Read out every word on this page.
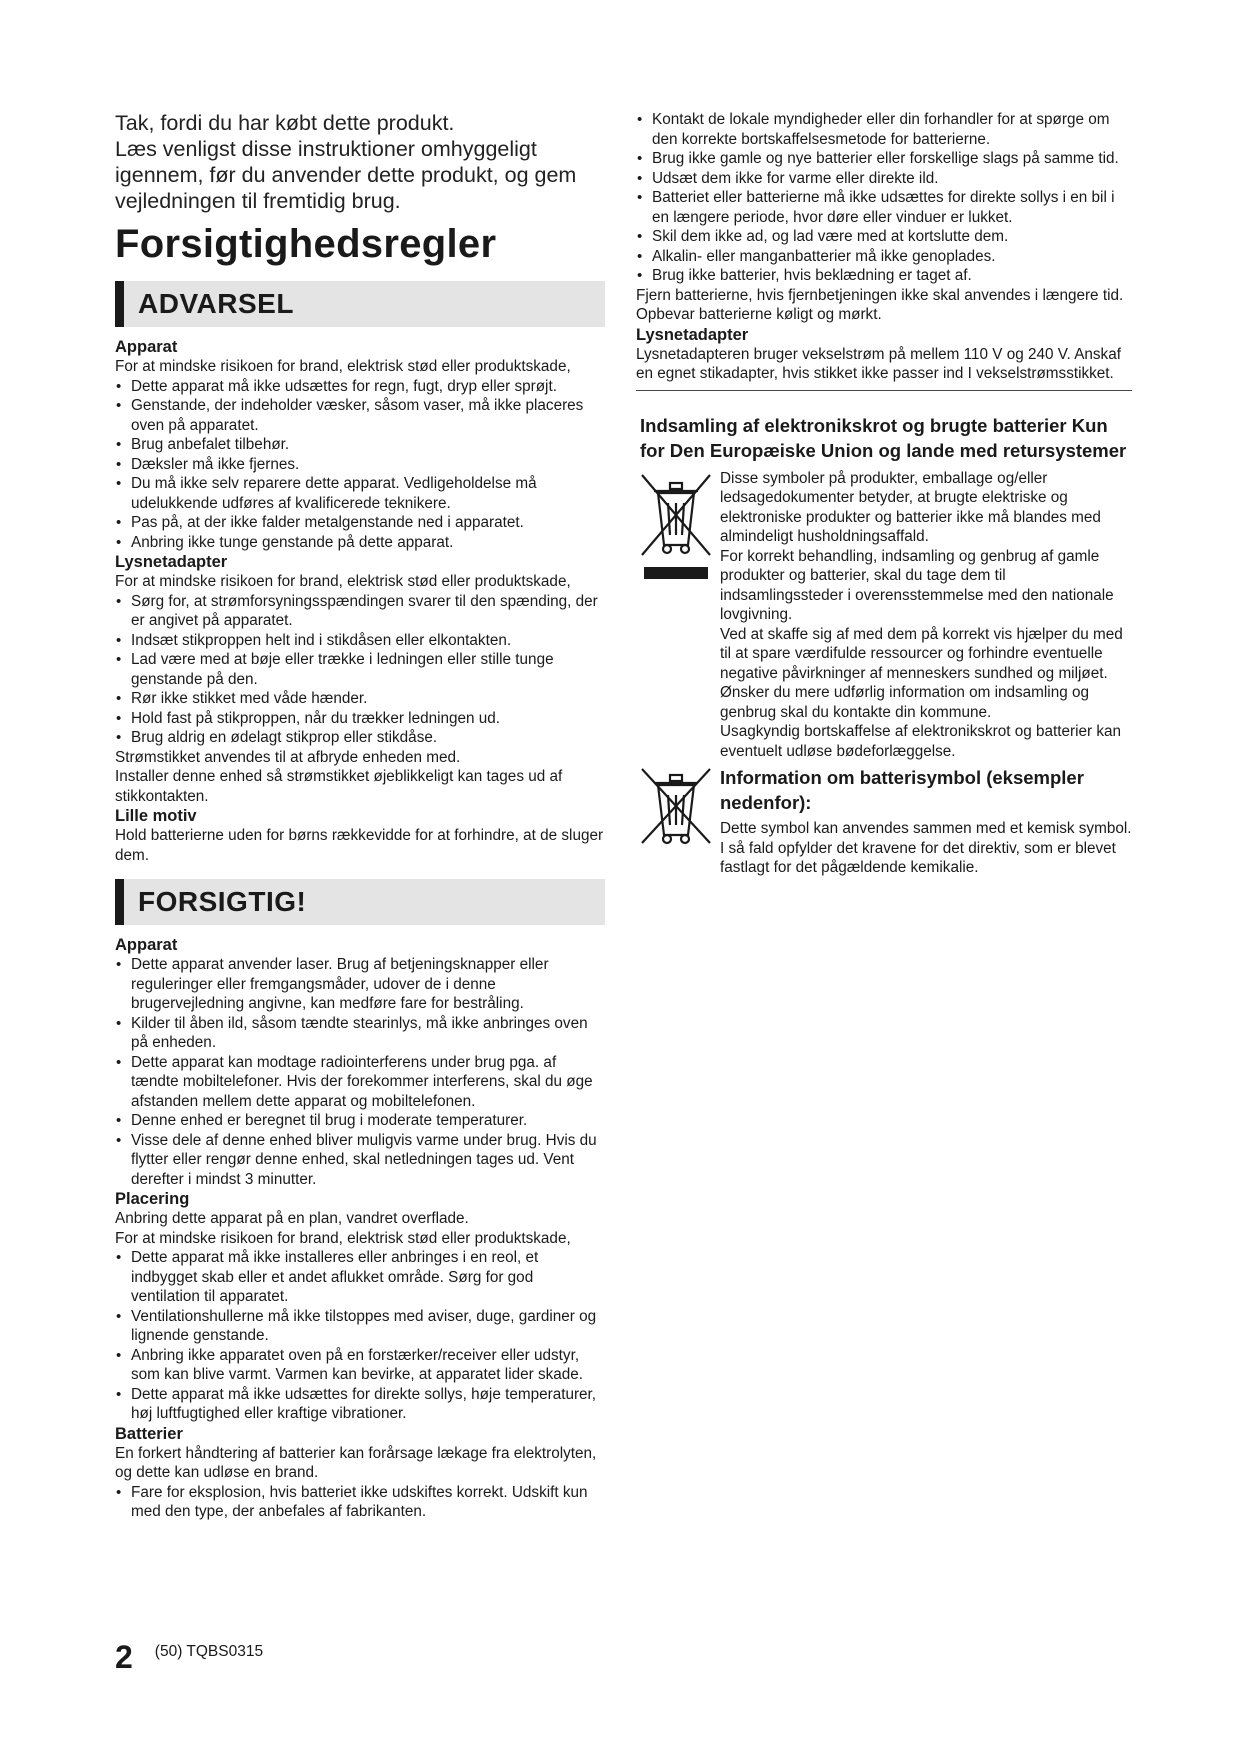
Tak, fordi du har købt dette produkt.
Læs venligst disse instruktioner omhyggeligt
igennem, før du anvender dette produkt, og gem
vejledningen til fremtidig brug.
Forsigtighedsregler
ADVARSEL
Apparat
For at mindske risikoen for brand, elektrisk stød eller produktskade,
• Dette apparat må ikke udsættes for regn, fugt, dryp eller sprøjt.
• Genstande, der indeholder væsker, såsom vaser, må ikke placeres oven på apparatet.
• Brug anbefalet tilbehør.
• Dæksler må ikke fjernes.
• Du må ikke selv reparere dette apparat. Vedligeholdelse må udelukkende udføres af kvalificerede teknikere.
• Pas på, at der ikke falder metalgenstande ned i apparatet.
• Anbring ikke tunge genstande på dette apparat.
Lysnetadapter
For at mindske risikoen for brand, elektrisk stød eller produktskade,
• Sørg for, at strømforsyningsspændingen svarer til den spænding, der er angivet på apparatet.
• Indsæt stikproppen helt ind i stikdåsen eller elkontakten.
• Lad være med at bøje eller trække i ledningen eller stille tunge genstande på den.
• Rør ikke stikket med våde hænder.
• Hold fast på stikproppen, når du trækker ledningen ud.
• Brug aldrig en ødelagt stikprop eller stikdåse.
Strømstikket anvendes til at afbryde enheden med.
Installer denne enhed så strømstikket øjeblikkeligt kan tages ud af stikkontakten.
Lille motiv
Hold batterierne uden for børns rækkevidde for at forhindre, at de sluger dem.
FORSIGTIG!
Apparat
• Dette apparat anvender laser. Brug af betjeningsknapper eller reguleringer eller fremgangsmåder, udover de i denne brugervejledning angivne, kan medføre fare for bestråling.
• Kilder til åben ild, såsom tændte stearinlys, må ikke anbringes oven på enheden.
• Dette apparat kan modtage radiointerferens under brug pga. af tændte mobiltelefoner. Hvis der forekommer interferens, skal du øge afstanden mellem dette apparat og mobiltelefonen.
• Denne enhed er beregnet til brug i moderate temperaturer.
• Visse dele af denne enhed bliver muligvis varme under brug. Hvis du flytter eller rengør denne enhed, skal netledningen tages ud. Vent derefter i mindst 3 minutter.
Placering
Anbring dette apparat på en plan, vandret overflade.
For at mindske risikoen for brand, elektrisk stød eller produktskade,
• Dette apparat må ikke installeres eller anbringes i en reol, et indbygget skab eller et andet aflukket område. Sørg for god ventilation til apparatet.
• Ventilationshullerne må ikke tilstoppes med aviser, duge, gardiner og lignende genstande.
• Anbring ikke apparatet oven på en forstærker/receiver eller udstyr, som kan blive varmt. Varmen kan bevirke, at apparatet lider skade.
• Dette apparat må ikke udsættes for direkte sollys, høje temperaturer, høj luftfugtighed eller kraftige vibrationer.
Batterier
En forkert håndtering af batterier kan forårsage lækage fra elektrolyten, og dette kan udløse en brand.
• Fare for eksplosion, hvis batteriet ikke udskiftes korrekt. Udskift kun med den type, der anbefales af fabrikanten.
• Kontakt de lokale myndigheder eller din forhandler for at spørge om den korrekte bortskaffelsesmetode for batterierne.
• Brug ikke gamle og nye batterier eller forskellige slags på samme tid.
• Udsæt dem ikke for varme eller direkte ild.
• Batteriet eller batterierne må ikke udsættes for direkte sollys i en bil i en længere periode, hvor døre eller vinduer er lukket.
• Skil dem ikke ad, og lad være med at kortslutte dem.
• Alkalin- eller manganbatterier må ikke genoplades.
• Brug ikke batterier, hvis beklædning er taget af.
Fjern batterierne, hvis fjernbetjeningen ikke skal anvendes i længere tid. Opbevar batterierne køligt og mørkt.
Lysnetadapter
Lysnetadapteren bruger vekselstrøm på mellem 110 V og 240 V. Anskaf en egnet stikadapter, hvis stikket ikke passer ind I vekselstrømsstikket.
Indsamling af elektronikskrot og brugte batterier Kun for Den Europæiske Union og lande med retursystemer
Disse symboler på produkter, emballage og/eller ledsagedokumenter betyder, at brugte elektriske og elektroniske produkter og batterier ikke må blandes med almindeligt husholdningsaffald.
For korrekt behandling, indsamling og genbrug af gamle produkter og batterier, skal du tage dem til indsamlingssteder i overensstemmelse med den nationale lovgivning.
Ved at skaffe sig af med dem på korrekt vis hjælper du med til at spare værdifulde ressourcer og forhindre eventuelle negative påvirkninger af menneskers sundhed og miljøet.
Ønsker du mere udførlig information om indsamling og genbrug skal du kontakte din kommune.
Usagkyndig bortskaffelse af elektronikskrot og batterier kan eventuelt udløse bødeforlæggelse.
Information om batterisymbol (eksempler nedenfor):
Dette symbol kan anvendes sammen med et kemisk symbol. I så fald opfylder det kravene for det direktiv, som er blevet fastlagt for det pågældende kemikalie.
2 (50) TQBS0315
